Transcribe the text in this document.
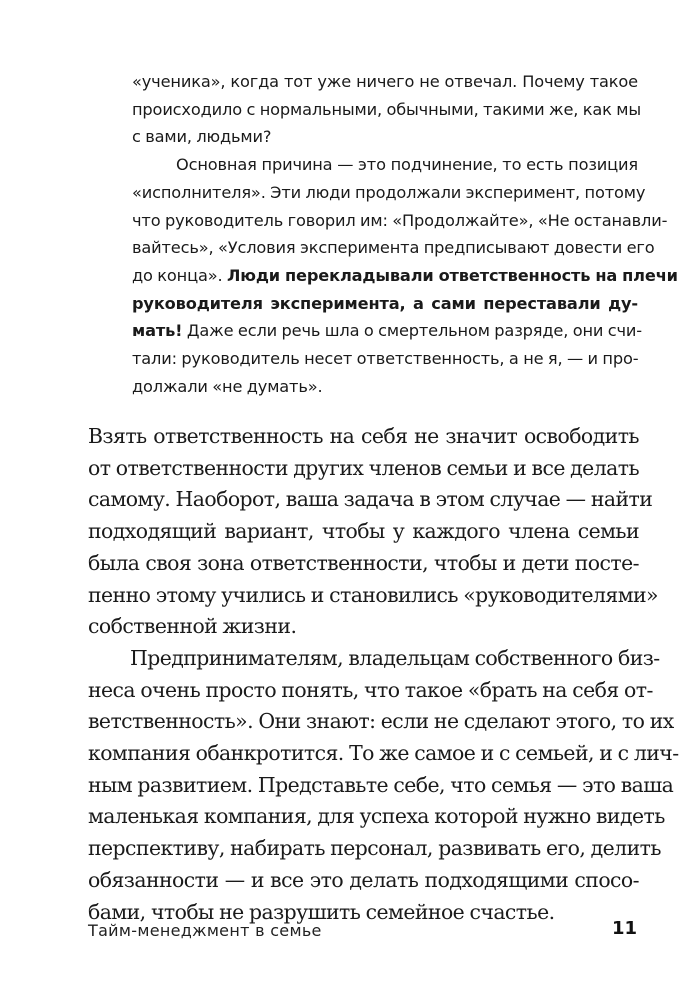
«ученика», когда тот уже ничего не отвечал. Почему такое
происходило с нормальными, обычными, такими же, как мы
с вами, людьми?
Основная причина — это подчинение, то есть позиция
«исполнителя». Эти люди продолжали эксперимент, потому
что руководитель говорил им: «Продолжайте», «Не останавли-
вайтесь», «Условия эксперимента предписывают довести его
до конца». Люди перекладывали ответственность на плечи
руководителя эксперимента, а сами переставали ду-
мать! Даже если речь шла о смертельном разряде, они счи-
тали: руководитель несет ответственность, а не я, — и про-
должали «не думать».
Взять ответственность на себя не значит освободить
от ответственности других членов семьи и все делать
самому. Наоборот, ваша задача в этом случае — найти
подходящий вариант, чтобы у каждого члена семьи
была своя зона ответственности, чтобы и дети посте-
пенно этому учились и становились «руководителями»
собственной жизни.
Предпринимателям, владельцам собственного биз-
неса очень просто понять, что такое «брать на себя от-
ветственность». Они знают: если не сделают этого, то их
компания обанкротится. То же самое и с семьей, и с лич-
ным развитием. Представьте себе, что семья — это ваша
маленькая компания, для успеха которой нужно видеть
перспективу, набирать персонал, развивать его, делить
обязанности — и все это делать подходящими спосо-
бами, чтобы не разрушить семейное счастье.
Тайм-менеджмент в семье	11
